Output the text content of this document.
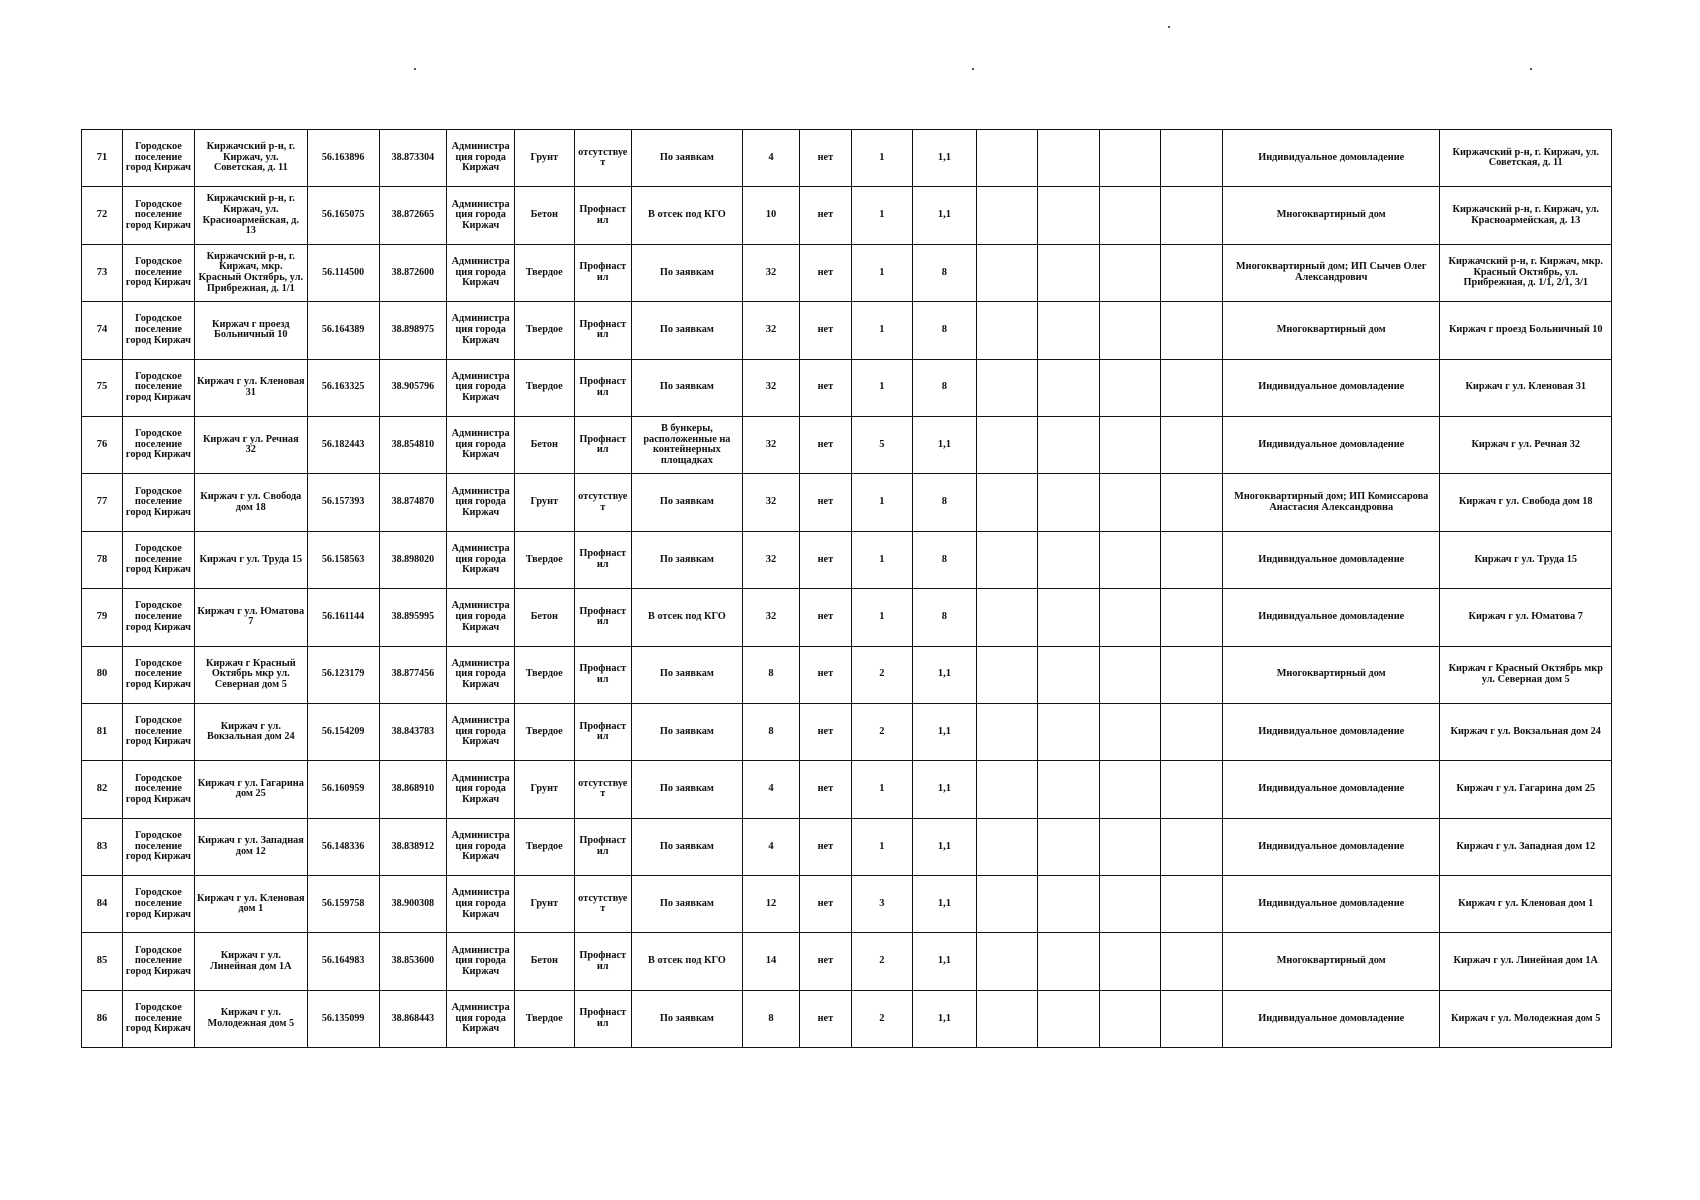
71	Городское поселение город Киржач	Киржачский р-н, г. Киржач, ул. Советская, д. 11	56.163896	38.873304	Администрация города Киржач	Грунт	отсутствует	По заявкам	4	нет	1	1,1					Индивидуальное домовладение	Киржачский р-н, г. Киржач, ул. Советская, д. 11
72	Городское поселение город Киржач	Киржачский р-н, г. Киржач, ул. Красноармейская, д. 13	56.165075	38.872665	Администрация города Киржач	Бетон	Профнастил	В отсек под КГО	10	нет	1	1,1					Многоквартирный дом	Киржачский р-н, г. Киржач, ул. Красноармейская, д. 13
73	Городское поселение город Киржач	Киржачский р-н, г. Киржач, мкр. Красный Октябрь, ул. Прибрежная, д. 1/1	56.114500	38.872600	Администрация города Киржач	Твердое	Профнастил	По заявкам	32	нет	1	8					Многоквартирный дом; ИП Сычев Олег Александрович	Киржачский р-н, г. Киржач, мкр. Красный Октябрь, ул. Прибрежная, д. 1/1, 2/1, 3/1
74	Городское поселение город Киржач	Киржач г проезд Больничный 10	56.164389	38.898975	Администрация города Киржач	Твердое	Профнастил	По заявкам	32	нет	1	8					Многоквартирный дом	Киржач г проезд Больничный 10
75	Городское поселение город Киржач	Киржач г ул. Кленовая 31	56.163325	38.905796	Администрация города Киржач	Твердое	Профнастил	По заявкам	32	нет	1	8					Индивидуальное домовладение	Киржач г ул. Кленовая 31
76	Городское поселение город Киржач	Киржач г ул. Речная 32	56.182443	38.854810	Администрация города Киржач	Бетон	Профнастил	В бункеры, расположенные на контейнерных площадках	32	нет	5	1,1					Индивидуальное домовладение	Киржач г ул. Речная 32
77	Городское поселение город Киржач	Киржач г ул. Свобода дом 18	56.157393	38.874870	Администрация города Киржач	Грунт	отсутствует	По заявкам	32	нет	1	8					Многоквартирный дом; ИП Комиссарова Анастасия Александровна	Киржач г ул. Свобода дом 18
78	Городское поселение город Киржач	Киржач г ул. Труда 15	56.158563	38.898020	Администрация города Киржач	Твердое	Профнастил	По заявкам	32	нет	1	8					Индивидуальное домовладение	Киржач г ул. Труда 15
79	Городское поселение город Киржач	Киржач г ул. Юматова 7	56.161144	38.895995	Администрация города Киржач	Бетон	Профнастил	В отсек под КГО	32	нет	1	8					Индивидуальное домовладение	Киржач г ул. Юматова 7
80	Городское поселение город Киржач	Киржач г Красный Октябрь мкр ул. Северная дом 5	56.123179	38.877456	Администрация города Киржач	Твердое	Профнастил	По заявкам	8	нет	2	1,1					Многоквартирный дом	Киржач г Красный Октябрь мкр ул. Северная дом 5
81	Городское поселение город Киржач	Киржач г ул. Вокзальная дом 24	56.154209	38.843783	Администрация города Киржач	Твердое	Профнастил	По заявкам	8	нет	2	1,1					Индивидуальное домовладение	Киржач г ул. Вокзальная дом 24
82	Городское поселение город Киржач	Киржач г ул. Гагарина дом 25	56.160959	38.868910	Администрация города Киржач	Грунт	отсутствует	По заявкам	4	нет	1	1,1					Индивидуальное домовладение	Киржач г ул. Гагарина дом 25
83	Городское поселение город Киржач	Киржач г ул. Западная дом 12	56.148336	38.838912	Администрация города Киржач	Твердое	Профнастил	По заявкам	4	нет	1	1,1					Индивидуальное домовладение	Киржач г ул. Западная дом 12
84	Городское поселение город Киржач	Киржач г ул. Кленовая дом 1	56.159758	38.900308	Администрация города Киржач	Грунт	отсутствует	По заявкам	12	нет	3	1,1					Индивидуальное домовладение	Киржач г ул. Кленовая дом 1
85	Городское поселение город Киржач	Киржач г ул. Линейная дом 1А	56.164983	38.853600	Администрация города Киржач	Бетон	Профнастил	В отсек под КГО	14	нет	2	1,1					Многоквартирный дом	Киржач г ул. Линейная дом 1А
86	Городское поселение город Киржач	Киржач г ул. Молодежная дом 5	56.135099	38.868443	Администрация города Киржач	Твердое	Профнастил	По заявкам	8	нет	2	1,1					Индивидуальное домовладение	Киржач г ул. Молодежная дом 5
